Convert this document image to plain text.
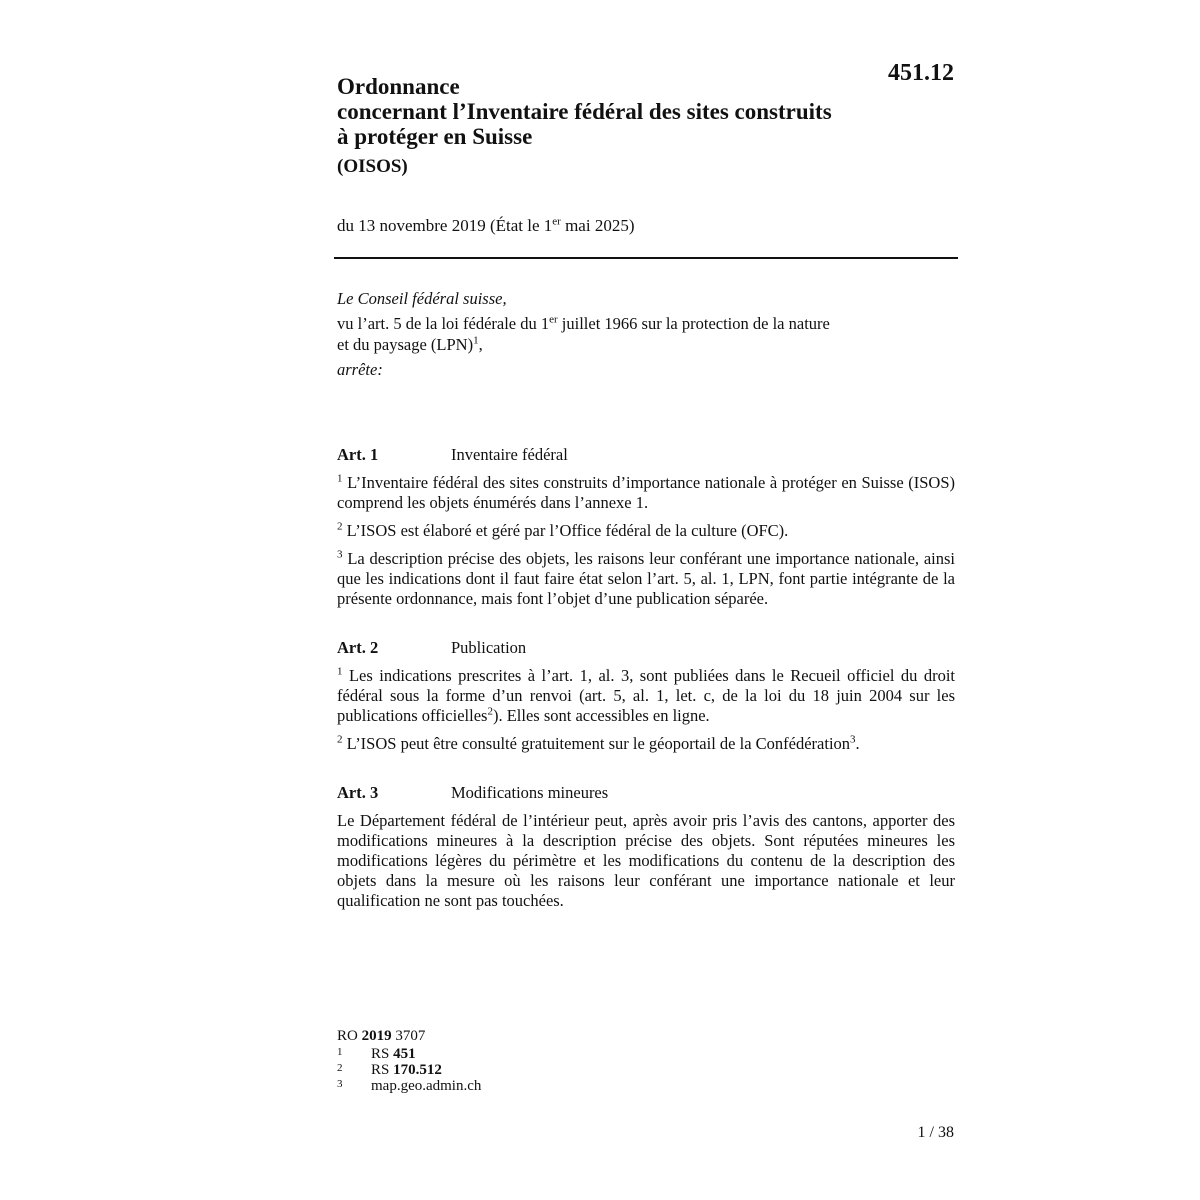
451.12

Ordonnance

concernant l’Inventaire fédéral des sites construits

à protéger en Suisse

(OISOS)
du 13 novembre 2019 (État le 1er mai 2025)

Le Conseil fédéral suisse,

vu l’art. 5 de la loi fédérale du 1er juillet 1966 sur la protection de la nature
et du paysage (LPN)$^1$,

arrête:

Art. 1	Inventaire fédéral

$^1$ L’Inventaire fédéral des sites construits d’importance nationale à protéger en Suisse (ISOS) comprend les objets énumérés dans l’annexe 1.

$^2$ L’ISOS est élaboré et géré par l’Office fédéral de la culture (OFC).

$^3$ La description précise des objets, les raisons leur conférant une importance nationale, ainsi que les indications dont il faut faire état selon l’art. 5, al. 1, LPN, font partie intégrante de la présente ordonnance, mais font l’objet d’une publication séparée.

Art. 2	Publication

$^1$ Les indications prescrites à l’art. 1, al. 3, sont publiées dans le Recueil officiel du droit fédéral sous la forme d’un renvoi (art. 5, al. 1, let. c, de la loi du 18 juin 2004 sur les publications officielles$^2$). Elles sont accessibles en ligne.

$^2$ L’ISOS peut être consulté gratuitement sur le géoportail de la Confédération$^3$.

Art. 3	Modifications mineures

Le Département fédéral de l’intérieur peut, après avoir pris l’avis des cantons, apporter des modifications mineures à la description précise des objets. Sont réputées mineures les modifications légères du périmètre et les modifications du contenu de la description des objets dans la mesure où les raisons leur conférant une importance nationale et leur qualification ne sont pas touchées.

RO 2019 3707
1	RS 451
2	RS 170.512
3	map.geo.admin.ch
1 / 38
